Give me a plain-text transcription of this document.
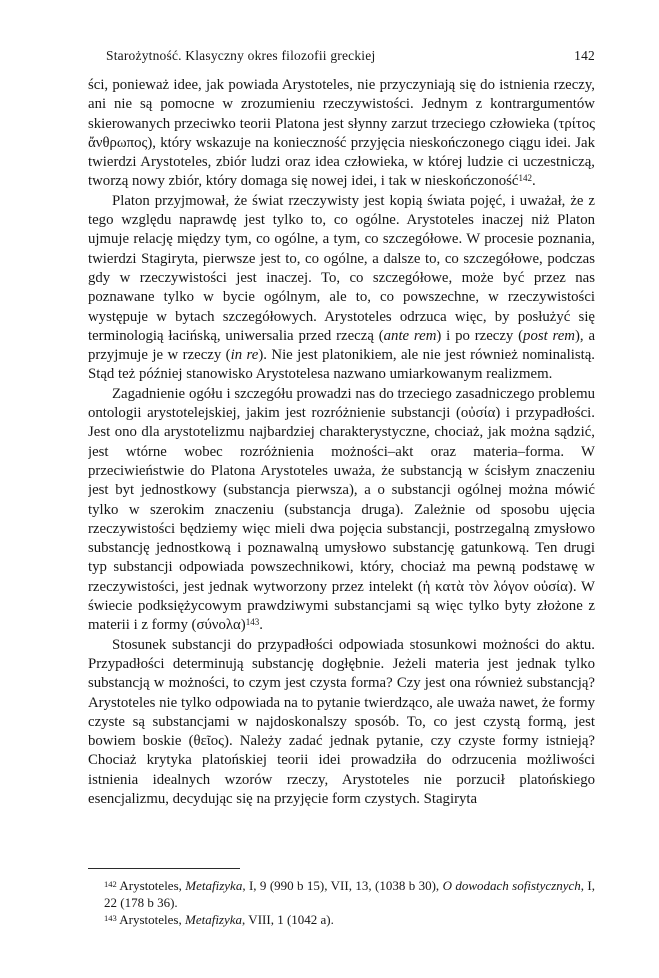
Starożytność. Klasyczny okres filozofii greckiej	142

ści, ponieważ idee, jak powiada Arystoteles, nie przyczyniają się do istnienia rzeczy, ani nie są pomocne w zrozumieniu rzeczywistości. Jednym z kontrargumentów skierowanych przeciwko teorii Platona jest słynny zarzut trzeciego człowieka (τρίτος ἄνθρωπος), który wskazuje na konieczność przyjęcia nieskończonego ciągu idei. Jak twierdzi Arystoteles, zbiór ludzi oraz idea człowieka, w której ludzie ci uczestniczą, tworzą nowy zbiór, który domaga się nowej idei, i tak w nieskończoność$^{142}$.

Platon przyjmował, że świat rzeczywisty jest kopią świata pojęć, i uważał, że z tego względu naprawdę jest tylko to, co ogólne. Arystoteles inaczej niż Platon ujmuje relację między tym, co ogólne, a tym, co szczegółowe. W procesie poznania, twierdzi Stagiryta, pierwsze jest to, co ogólne, a dalsze to, co szczegółowe, podczas gdy w rzeczywistości jest inaczej. To, co szczegółowe, może być przez nas poznawane tylko w bycie ogólnym, ale to, co powszechne, w rzeczywistości występuje w bytach szczegółowych. Arystoteles odrzuca więc, by posłużyć się terminologią łacińską, uniwersalia przed rzeczą (ante rem) i po rzeczy (post rem), a przyjmuje je w rzeczy (in re). Nie jest platonikiem, ale nie jest również nominalistą. Stąd też później stanowisko Arystotelesa nazwano umiarkowanym realizmem.

Zagadnienie ogółu i szczegółu prowadzi nas do trzeciego zasadniczego problemu ontologii arystotelejskiej, jakim jest rozróżnienie substancji (οὐσία) i przypadłości. Jest ono dla arystotelizmu najbardziej charakterystyczne, chociaż, jak można sądzić, jest wtórne wobec rozróżnienia możności–akt oraz materia–forma. W przeciwieństwie do Platona Arystoteles uważa, że substancją w ścisłym znaczeniu jest byt jednostkowy (substancja pierwsza), a o substancji ogólnej można mówić tylko w szerokim znaczeniu (substancja druga). Zależnie od sposobu ujęcia rzeczywistości będziemy więc mieli dwa pojęcia substancji, postrzegalną zmysłowo substancję jednostkową i poznawalną umysłowo substancję gatunkową. Ten drugi typ substancji odpowiada powszechnikowi, który, chociaż ma pewną podstawę w rzeczywistości, jest jednak wytworzony przez intelekt (ἡ κατὰ τὸν λόγον οὐσία). W świecie podksiężycowym prawdziwymi substancjami są więc tylko byty złożone z materii i z formy $(\sigma ύ\nu o\lambda\alpha)^{143}$.

Stosunek substancji do przypadłości odpowiada stosunkowi możności do aktu. Przypadłości determinują substancję dogłębnie. Jeżeli materia jest jednak tylko substancją w możności, to czym jest czysta forma? Czy jest ona również substancją? Arystoteles nie tylko odpowiada na to pytanie twierdząco, ale uważa nawet, że formy czyste są substancjami w najdoskonalszy sposób. To, co jest czystą formą, jest bowiem boskie (θεῖος). Należy zadać jednak pytanie, czy czyste formy istnieją? Chociaż krytyka platońskiej teorii idei prowadziła do odrzucenia możliwości istnienia idealnych wzorów rzeczy, Arystoteles nie porzucił platońskiego esencjalizmu, decydując się na przyjęcie form czystych. Stagiryta

$^{142}$ Arystoteles, Metafizyka, I, 9 (990 b 15), VII, 13, (1038 b 30), O dowodach sofistycznych, I, 22 (178 b 36).

$^{143}$ Arystoteles, Metafizyka, VIII, 1 (1042 a).
